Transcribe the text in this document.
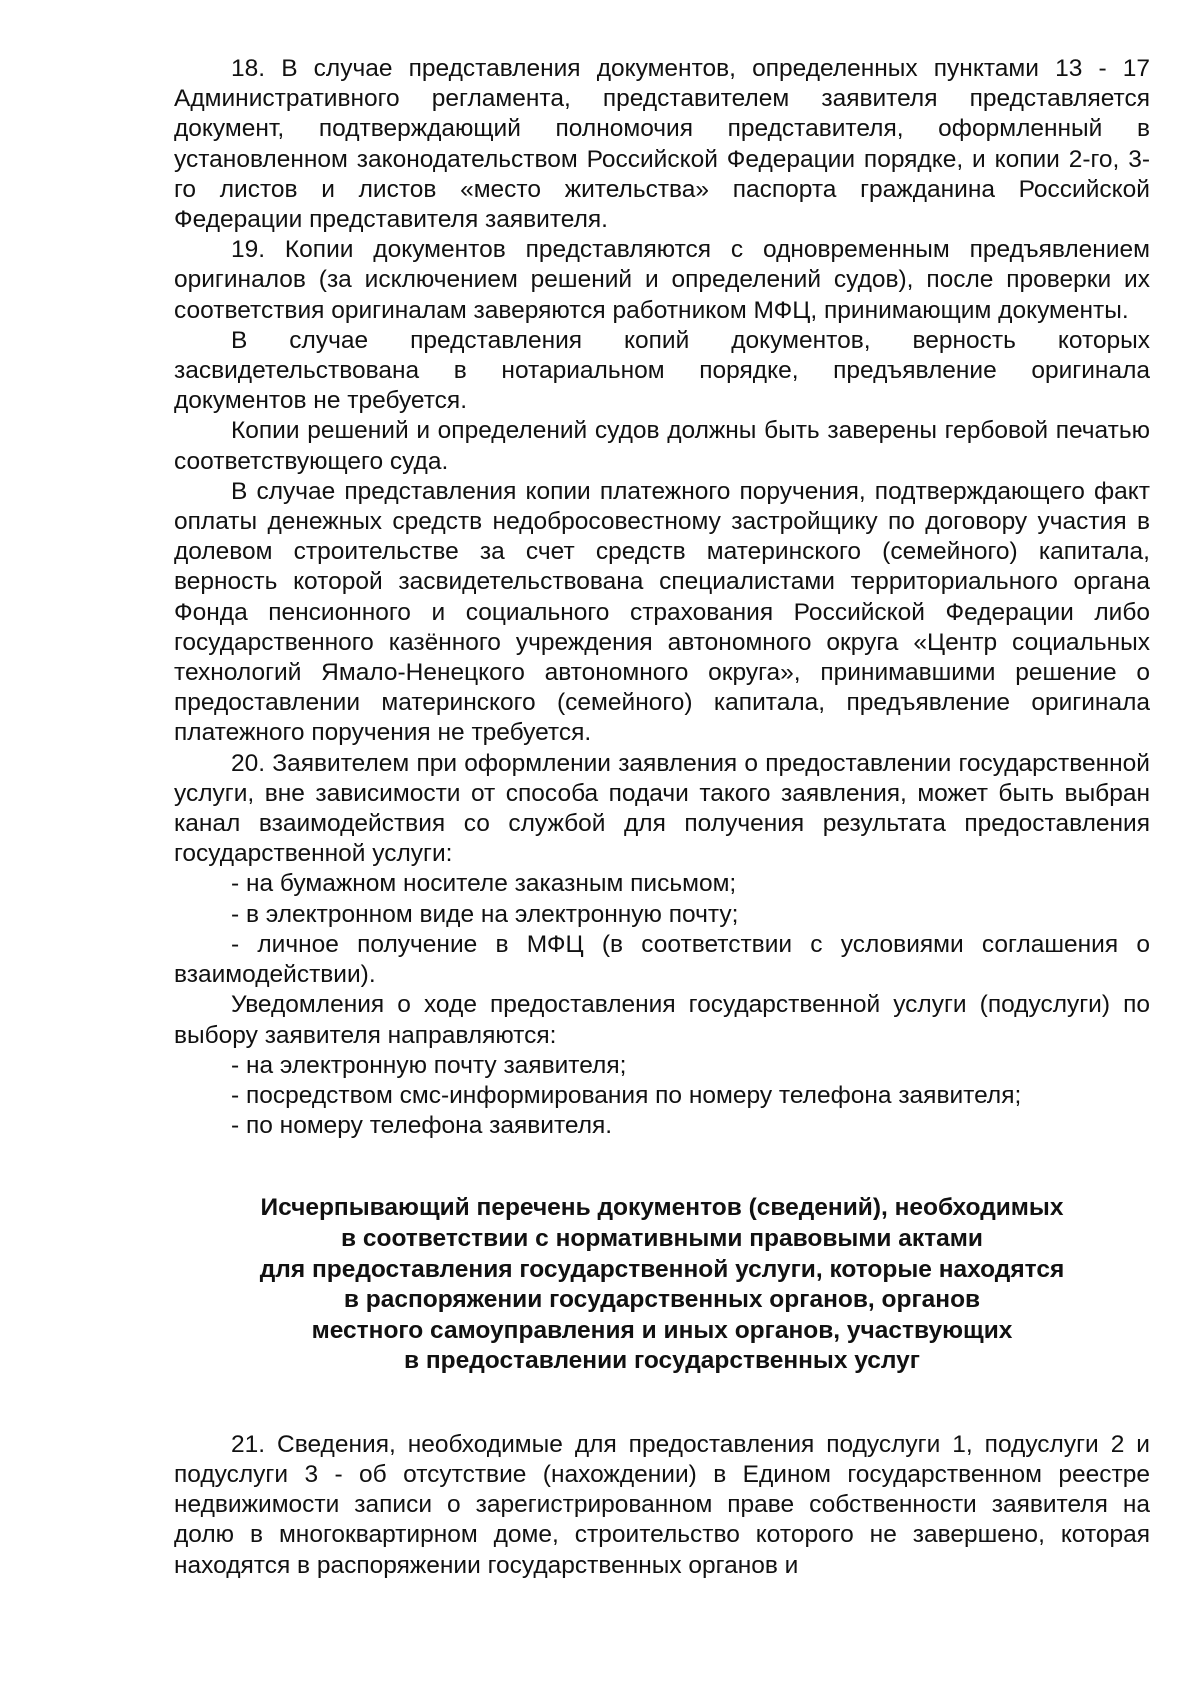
18. В случае представления документов, определенных пунктами 13 - 17 Административного регламента, представителем заявителя представляется документ, подтверждающий полномочия представителя, оформленный в установленном законодательством Российской Федерации порядке, и копии 2-го, 3-го листов и листов «место жительства» паспорта гражданина Российской Федерации представителя заявителя.

19. Копии документов представляются с одновременным предъявлением оригиналов (за исключением решений и определений судов), после проверки их соответствия оригиналам заверяются работником МФЦ, принимающим документы.

В случае представления копий документов, верность которых засвидетельствована в нотариальном порядке, предъявление оригинала документов не требуется.

Копии решений и определений судов должны быть заверены гербовой печатью соответствующего суда.

В случае представления копии платежного поручения, подтверждающего факт оплаты денежных средств недобросовестному застройщику по договору участия в долевом строительстве за счет средств материнского (семейного) капитала, верность которой засвидетельствована специалистами территориального органа Фонда пенсионного и социального страхования Российской Федерации либо государственного казённого учреждения автономного округа «Центр социальных технологий Ямало-Ненецкого автономного округа», принимавшими решение о предоставлении материнского (семейного) капитала, предъявление оригинала платежного поручения не требуется.

20. Заявителем при оформлении заявления о предоставлении государственной услуги, вне зависимости от способа подачи такого заявления, может быть выбран канал взаимодействия со службой для получения результата предоставления государственной услуги:

- на бумажном носителе заказным письмом;

- в электронном виде на электронную почту;

- личное получение в МФЦ (в соответствии с условиями соглашения о взаимодействии).

Уведомления о ходе предоставления государственной услуги (подуслуги) по выбору заявителя направляются:

- на электронную почту заявителя;

- посредством смс-информирования по номеру телефона заявителя;

- по номеру телефона заявителя.

Исчерпывающий перечень документов (сведений), необходимых
в соответствии с нормативными правовыми актами
для предоставления государственной услуги, которые находятся
в распоряжении государственных органов, органов
местного самоуправления и иных органов, участвующих
в предоставлении государственных услуг

21. Сведения, необходимые для предоставления подуслуги 1, подуслуги 2 и подуслуги 3 - об отсутствие (нахождении) в Едином государственном реестре недвижимости записи о зарегистрированном праве собственности заявителя на долю в многоквартирном доме, строительство которого не завершено, которая находятся в распоряжении государственных органов и
